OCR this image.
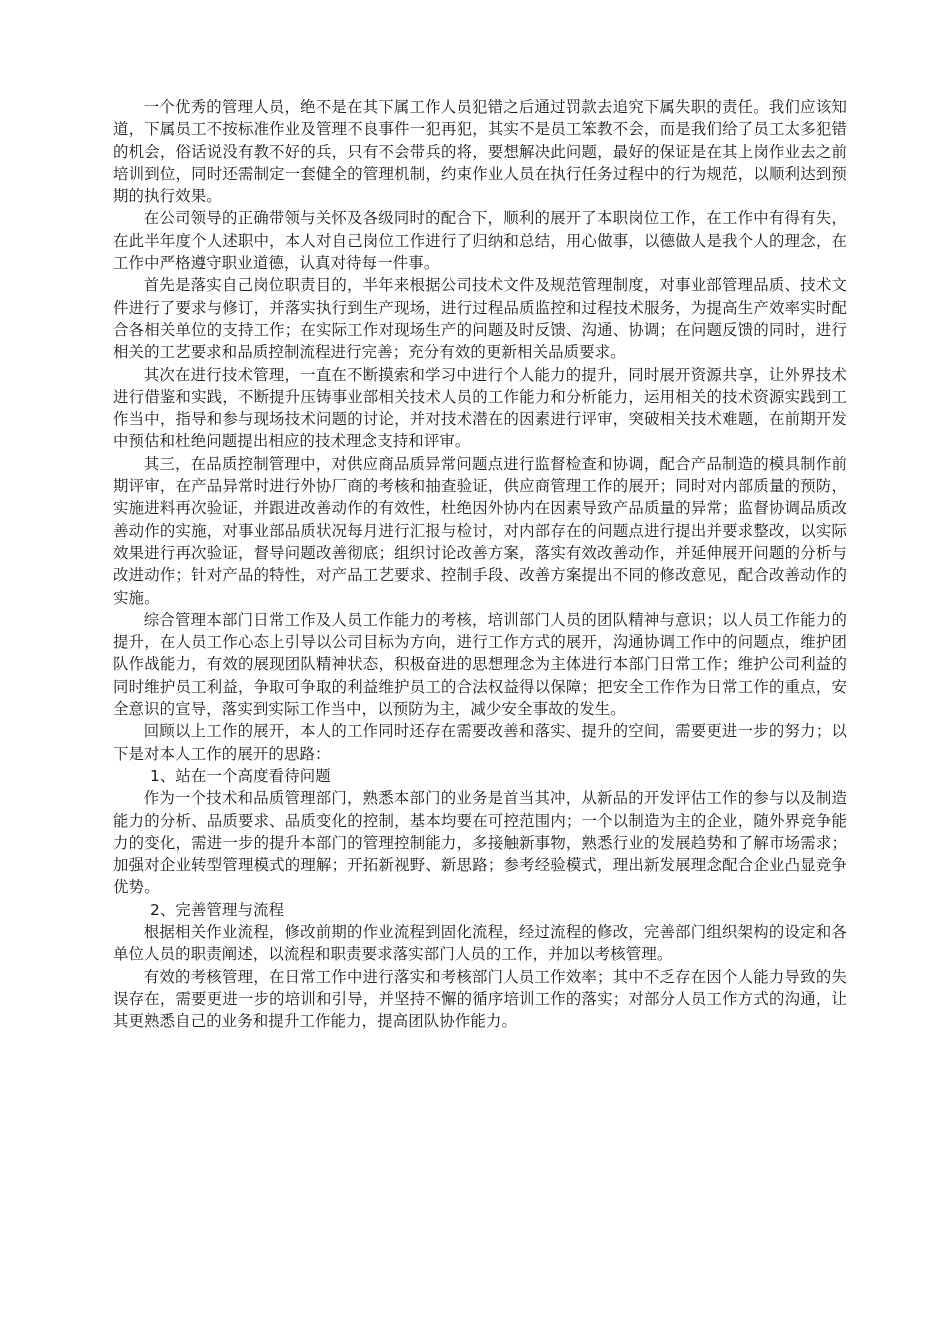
一个优秀的管理人员，绝不是在其下属工作人员犯错之后通过罚款去追究下属失职的责任。我们应该知道，下属员工不按标准作业及管理不良事件一犯再犯，其实不是员工笨教不会，而是我们给了员工太多犯错的机会，俗话说没有教不好的兵，只有不会带兵的将，要想解决此问题，最好的保证是在其上岗作业去之前培训到位，同时还需制定一套健全的管理机制，约束作业人员在执行任务过程中的行为规范，以顺利达到预期的执行效果。

在公司领导的正确带领与关怀及各级同时的配合下，顺利的展开了本职岗位工作，在工作中有得有失，在此半年度个人述职中，本人对自己岗位工作进行了归纳和总结，用心做事，以德做人是我个人的理念，在工作中严格遵守职业道德，认真对待每一件事。

首先是落实自己岗位职责目的，半年来根据公司技术文件及规范管理制度，对事业部管理品质、技术文件进行了要求与修订，并落实执行到生产现场，进行过程品质监控和过程技术服务，为提高生产效率实时配合各相关单位的支持工作；在实际工作对现场生产的问题及时反馈、沟通、协调；在问题反馈的同时，进行相关的工艺要求和品质控制流程进行完善；充分有效的更新相关品质要求。

其次在进行技术管理，一直在不断摸索和学习中进行个人能力的提升，同时展开资源共享，让外界技术进行借鉴和实践，不断提升压铸事业部相关技术人员的工作能力和分析能力，运用相关的技术资源实践到工作当中，指导和参与现场技术问题的讨论，并对技术潜在的因素进行评审，突破相关技术难题，在前期开发中预估和杜绝问题提出相应的技术理念支持和评审。

其三，在品质控制管理中，对供应商品质异常问题点进行监督检查和协调，配合产品制造的模具制作前期评审，在产品异常时进行外协厂商的考核和抽查验证，供应商管理工作的展开；同时对内部质量的预防，实施进料再次验证，并跟进改善动作的有效性，杜绝因外协内在因素导致产品质量的异常；监督协调品质改善动作的实施，对事业部品质状况每月进行汇报与检讨，对内部存在的问题点进行提出并要求整改，以实际效果进行再次验证，督导问题改善彻底；组织讨论改善方案，落实有效改善动作，并延伸展开问题的分析与改进动作；针对产品的特性，对产品工艺要求、控制手段、改善方案提出不同的修改意见，配合改善动作的实施。

综合管理本部门日常工作及人员工作能力的考核，培训部门人员的团队精神与意识；以人员工作能力的提升，在人员工作心态上引导以公司目标为方向，进行工作方式的展开，沟通协调工作中的问题点，维护团队作战能力，有效的展现团队精神状态，积极奋进的思想理念为主体进行本部门日常工作；维护公司利益的同时维护员工利益，争取可争取的利益维护员工的合法权益得以保障；把安全工作作为日常工作的重点，安全意识的宣导，落实到实际工作当中，以预防为主，减少安全事故的发生。

回顾以上工作的展开，本人的工作同时还存在需要改善和落实、提升的空间，需要更进一步的努力；以下是对本人工作的展开的思路：

1、站在一个高度看待问题

作为一个技术和品质管理部门，熟悉本部门的业务是首当其冲，从新品的开发评估工作的参与以及制造能力的分析、品质要求、品质变化的控制，基本均要在可控范围内；一个以制造为主的企业，随外界竞争能力的变化，需进一步的提升本部门的管理控制能力，多接触新事物，熟悉行业的发展趋势和了解市场需求；加强对企业转型管理模式的理解；开拓新视野、新思路；参考经验模式，理出新发展理念配合企业凸显竞争优势。

2、完善管理与流程

根据相关作业流程，修改前期的作业流程到固化流程，经过流程的修改，完善部门组织架构的设定和各单位人员的职责阐述，以流程和职责要求落实部门人员的工作，并加以考核管理。

有效的考核管理，在日常工作中进行落实和考核部门人员工作效率；其中不乏存在因个人能力导致的失误存在，需要更进一步的培训和引导，并坚持不懈的循序培训工作的落实；对部分人员工作方式的沟通，让其更熟悉自己的业务和提升工作能力，提高团队协作能力。
